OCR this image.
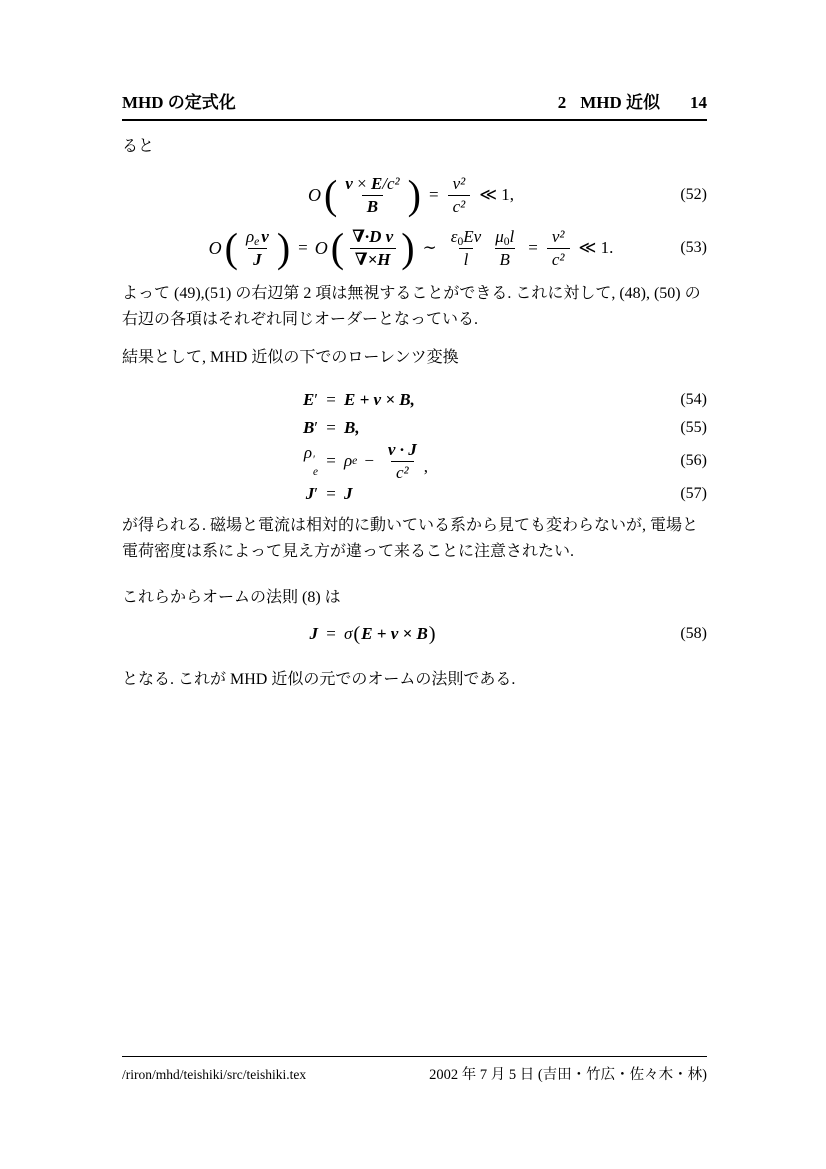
MHD の定式化	2 MHD 近似 14

ると

O ( $\frac{\text{v × E/c²}}{B}$ ) = $\frac{\text{v²}}{\text{c²}}$ ≪ 1,	(52)
O ( $\frac{\rho_e v}{J}$ ) = O ( $\frac{\text{∇·D v}}{\nabla\times H}$ ) ∼ $\frac{\varepsilon_0Ev}{l} \frac{\mu_0l}{B} = \frac{\text{v²}}{\text{c²}}$ ≪ 1.	(53)

よって (49),(51) の右辺第 2 項は無視することができる. これに対して, (48), (50) の
右辺の各項はそれぞれ同じオーダーとなっている.

結果として, MHD 近似の下でのローレンツ変換

E′ = E + v × B,	(54)
B′ = B,	(55)
ρ ′
e
= ρ $e - \frac{v \cdot J}{\text{c²}}$ ,	(56)
J′ = J	(57)

が得られる. 磁場と電流は相対的に動いている系から見ても変わらないが, 電場と
電荷密度は系によって見え方が違って来ることに注意されたい.

これらからオームの法則 (8) は

J = σ ( E + v × B )	(58)

となる. これが MHD 近似の元でのオームの法則である.

/riron/mhd/teishiki/src/teishiki.tex	2002 年 7 月 5 日 (吉田・竹広・佐々木・林)
